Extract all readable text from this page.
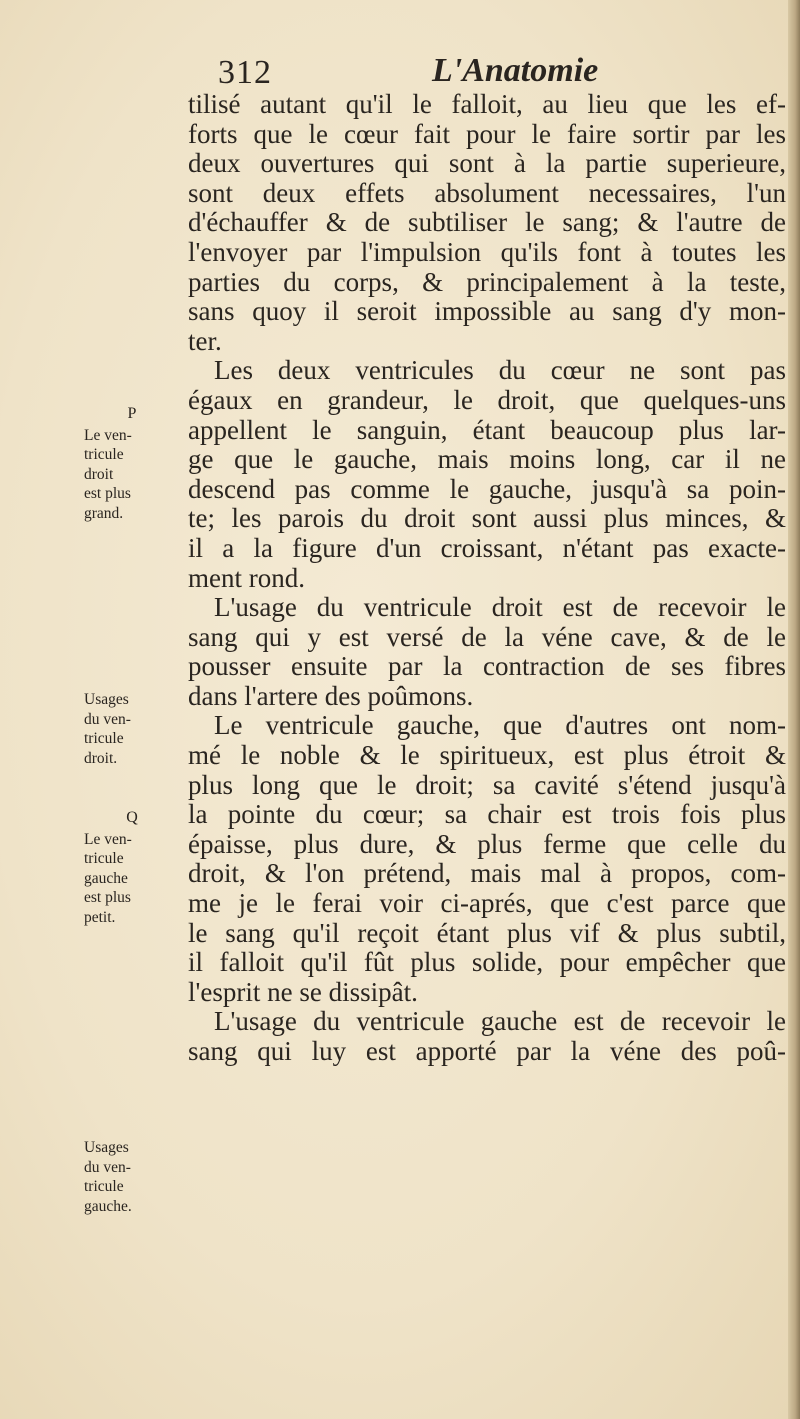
312	L'Anatomie
P
Le ven-
tricule
droit
est plus
grand.
Usages
du ven-
tricule
droit.
Q
Le ven-
tricule
gauche
est plus
petit.
Usages
du ven-
tricule
gauche.
tilisé autant qu'il le falloit, au lieu que les ef-
forts que le cœur fait pour le faire sortir par les
deux ouvertures qui sont à la partie superieure,
sont deux effets absolument necessaires, l'un
d'échauffer & de subtiliser le sang; & l'autre de
l'envoyer par l'impulsion qu'ils font à toutes les
parties du corps, & principalement à la teste,
sans quoy il seroit impossible au sang d'y mon-
ter.
Les deux ventricules du cœur ne sont pas
égaux en grandeur, le droit, que quelques-uns
appellent le sanguin, étant beaucoup plus lar-
ge que le gauche, mais moins long, car il ne
descend pas comme le gauche, jusqu'à sa poin-
te; les parois du droit sont aussi plus minces, &
il a la figure d'un croissant, n'étant pas exacte-
ment rond.
L'usage du ventricule droit est de recevoir le
sang qui y est versé de la véne cave, & de le
pousser ensuite par la contraction de ses fibres
dans l'artere des poûmons.
Le ventricule gauche, que d'autres ont nom-
mé le noble & le spiritueux, est plus étroit &
plus long que le droit; sa cavité s'étend jusqu'à
la pointe du cœur; sa chair est trois fois plus
épaisse, plus dure, & plus ferme que celle du
droit, & l'on prétend, mais mal à propos, com-
me je le ferai voir ci-aprés, que c'est parce que
le sang qu'il reçoit étant plus vif & plus subtil,
il falloit qu'il fût plus solide, pour empêcher que
l'esprit ne se dissipât.
L'usage du ventricule gauche est de recevoir le
sang qui luy est apporté par la véne des poû-
